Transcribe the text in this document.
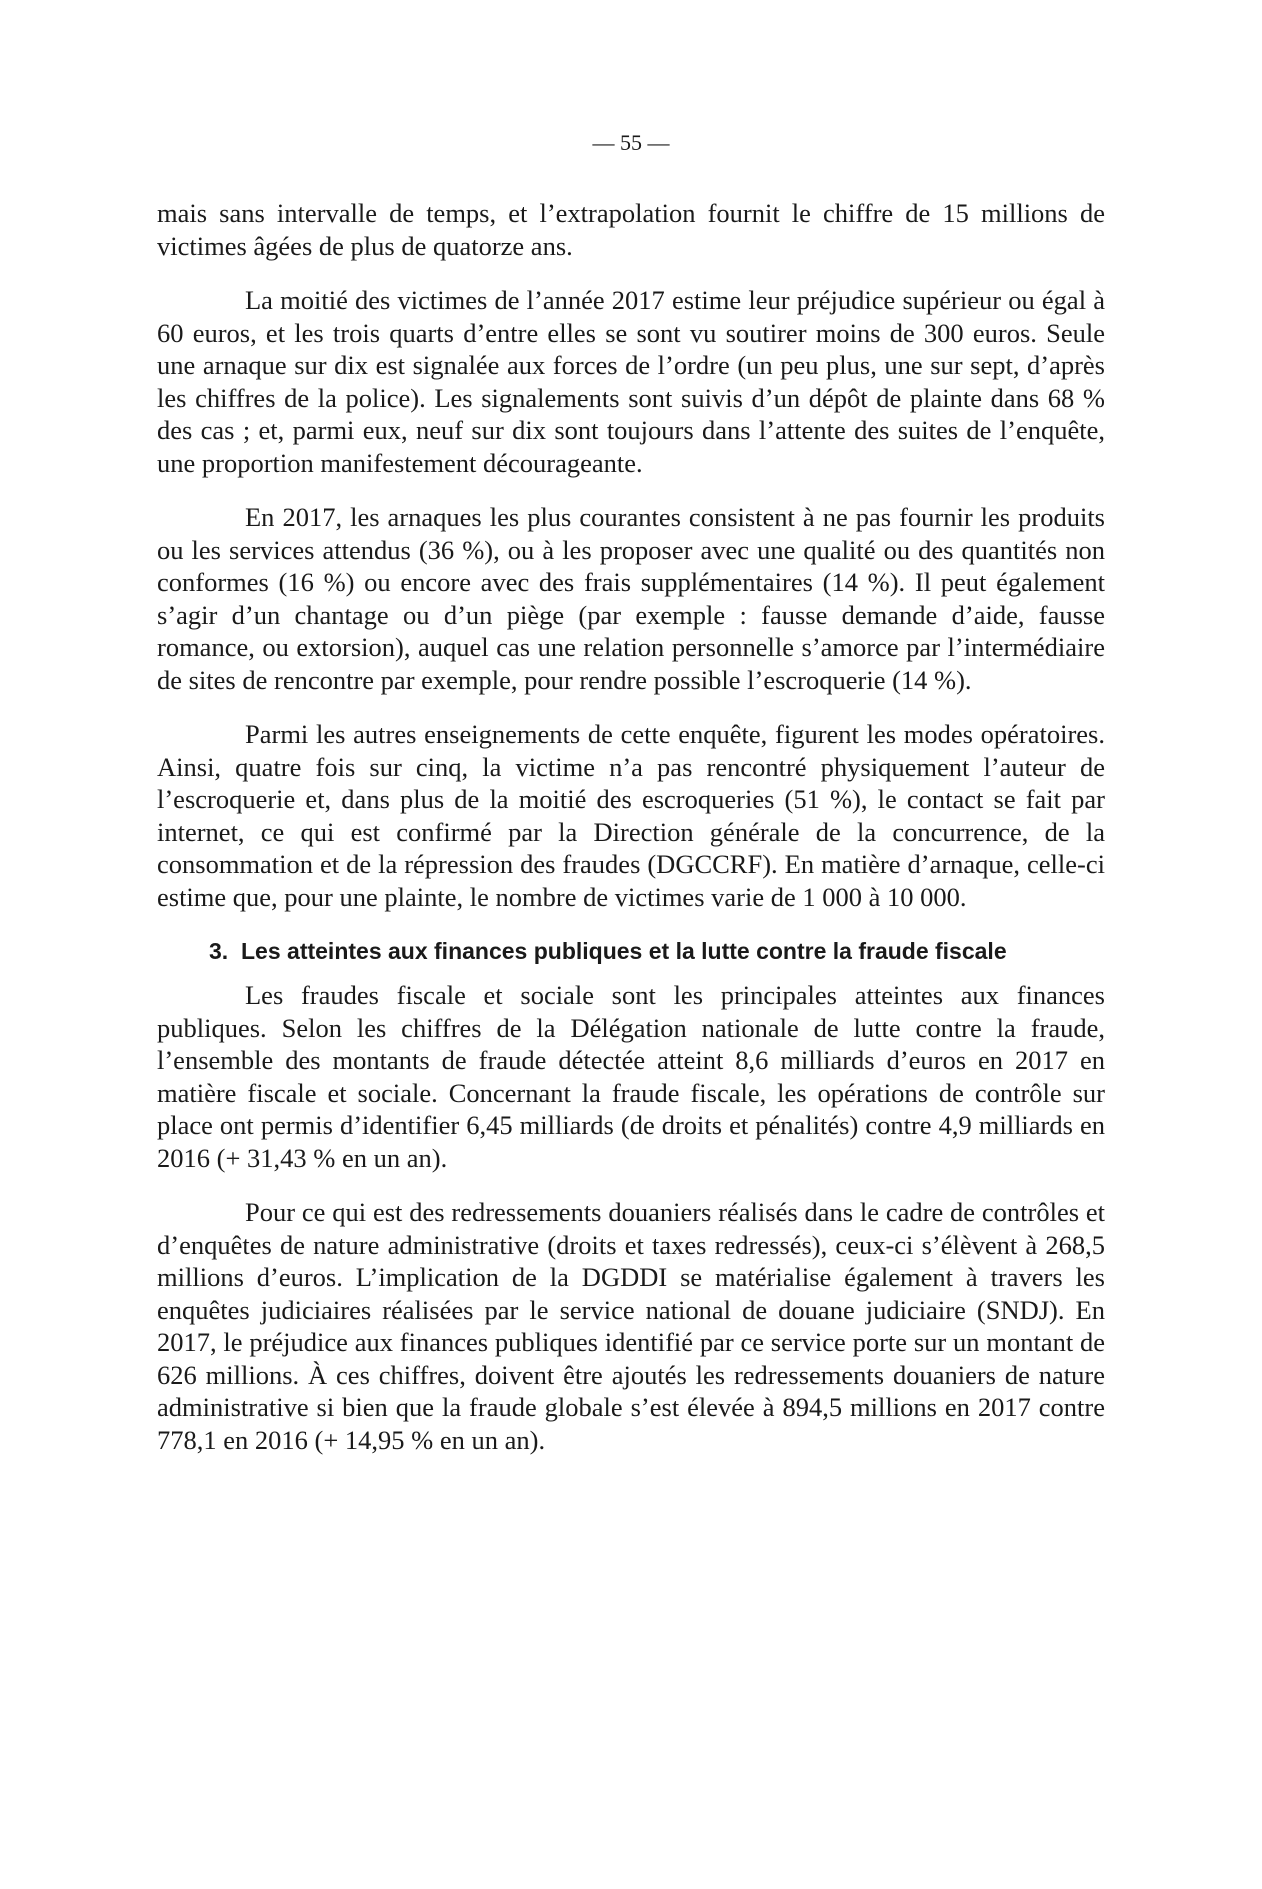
— 55 —

mais sans intervalle de temps, et l’extrapolation fournit le chiffre de 15 millions de victimes âgées de plus de quatorze ans.

La moitié des victimes de l’année 2017 estime leur préjudice supérieur ou égal à 60 euros, et les trois quarts d’entre elles se sont vu soutirer moins de 300 euros. Seule une arnaque sur dix est signalée aux forces de l’ordre (un peu plus, une sur sept, d’après les chiffres de la police). Les signalements sont suivis d’un dépôt de plainte dans 68 % des cas ; et, parmi eux, neuf sur dix sont toujours dans l’attente des suites de l’enquête, une proportion manifestement décourageante.

En 2017, les arnaques les plus courantes consistent à ne pas fournir les produits ou les services attendus (36 %), ou à les proposer avec une qualité ou des quantités non conformes (16 %) ou encore avec des frais supplémentaires (14 %). Il peut également s’agir d’un chantage ou d’un piège (par exemple : fausse demande d’aide, fausse romance, ou extorsion), auquel cas une relation personnelle s’amorce par l’intermédiaire de sites de rencontre par exemple, pour rendre possible l’escroquerie (14 %).

Parmi les autres enseignements de cette enquête, figurent les modes opératoires. Ainsi, quatre fois sur cinq, la victime n’a pas rencontré physiquement l’auteur de l’escroquerie et, dans plus de la moitié des escroqueries (51 %), le contact se fait par internet, ce qui est confirmé par la Direction générale de la concurrence, de la consommation et de la répression des fraudes (DGCCRF). En matière d’arnaque, celle-ci estime que, pour une plainte, le nombre de victimes varie de 1 000 à 10 000.

3. Les atteintes aux finances publiques et la lutte contre la fraude fiscale

Les fraudes fiscale et sociale sont les principales atteintes aux finances publiques. Selon les chiffres de la Délégation nationale de lutte contre la fraude, l’ensemble des montants de fraude détectée atteint 8,6 milliards d’euros en 2017 en matière fiscale et sociale. Concernant la fraude fiscale, les opérations de contrôle sur place ont permis d’identifier 6,45 milliards (de droits et pénalités) contre 4,9 milliards en 2016 (+ 31,43 % en un an).

Pour ce qui est des redressements douaniers réalisés dans le cadre de contrôles et d’enquêtes de nature administrative (droits et taxes redressés), ceux-ci s’élèvent à 268,5 millions d’euros. L’implication de la DGDDI se matérialise également à travers les enquêtes judiciaires réalisées par le service national de douane judiciaire (SNDJ). En 2017, le préjudice aux finances publiques identifié par ce service porte sur un montant de 626 millions. À ces chiffres, doivent être ajoutés les redressements douaniers de nature administrative si bien que la fraude globale s’est élevée à 894,5 millions en 2017 contre 778,1 en 2016 (+ 14,95 % en un an).
